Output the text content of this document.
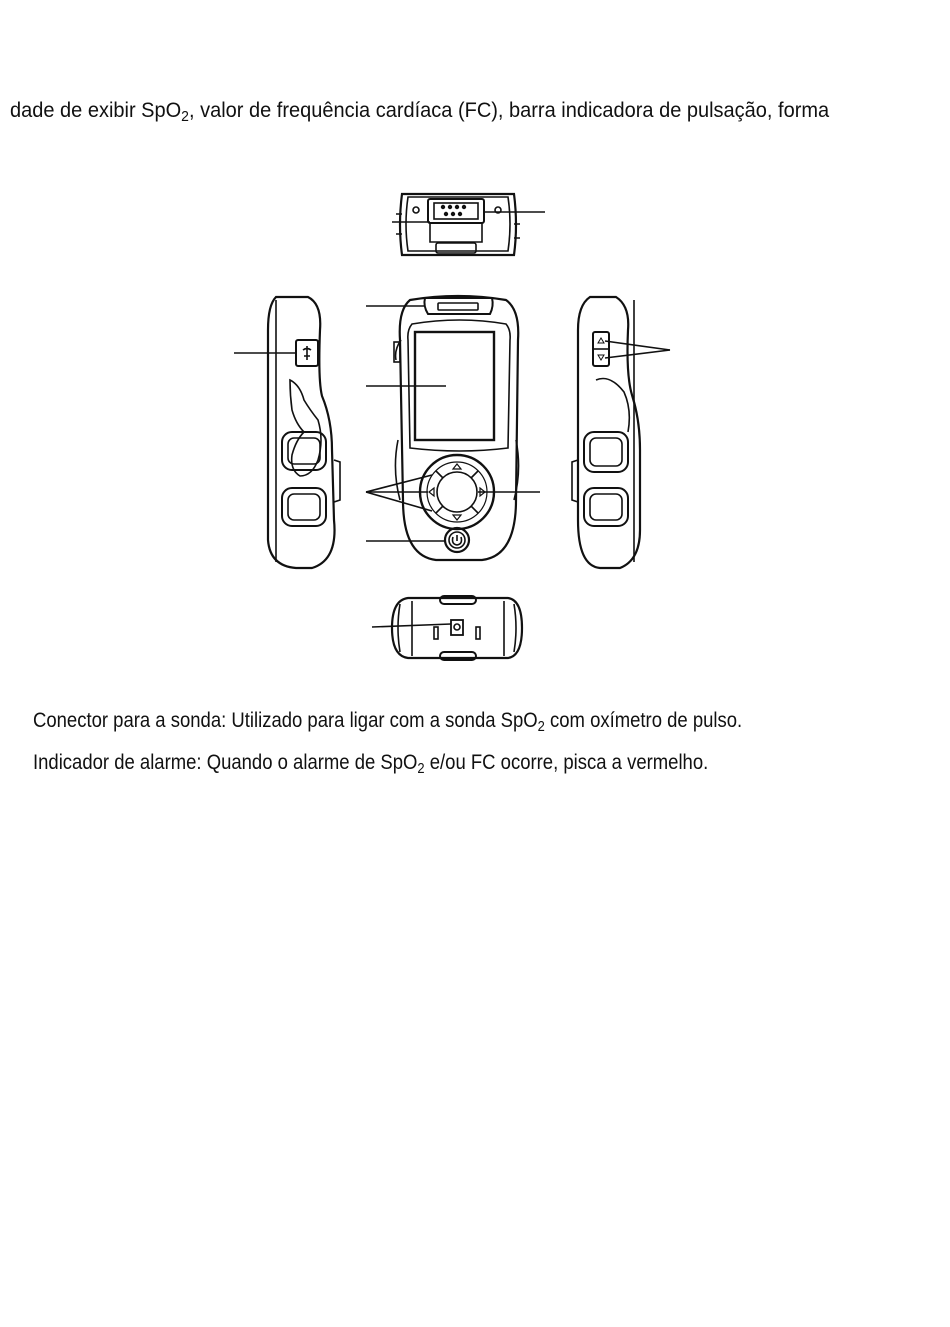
dade de exibir SpO$_2$, valor de frequência cardíaca (FC), barra indicadora de pulsação, forma
Conector para a sonda: Utilizado para ligar com a sonda SpO$_2$ com oxímetro de pulso.
Indicador de alarme: Quando o alarme de SpO$_2$ e/ou FC ocorre, pisca a vermelho.
